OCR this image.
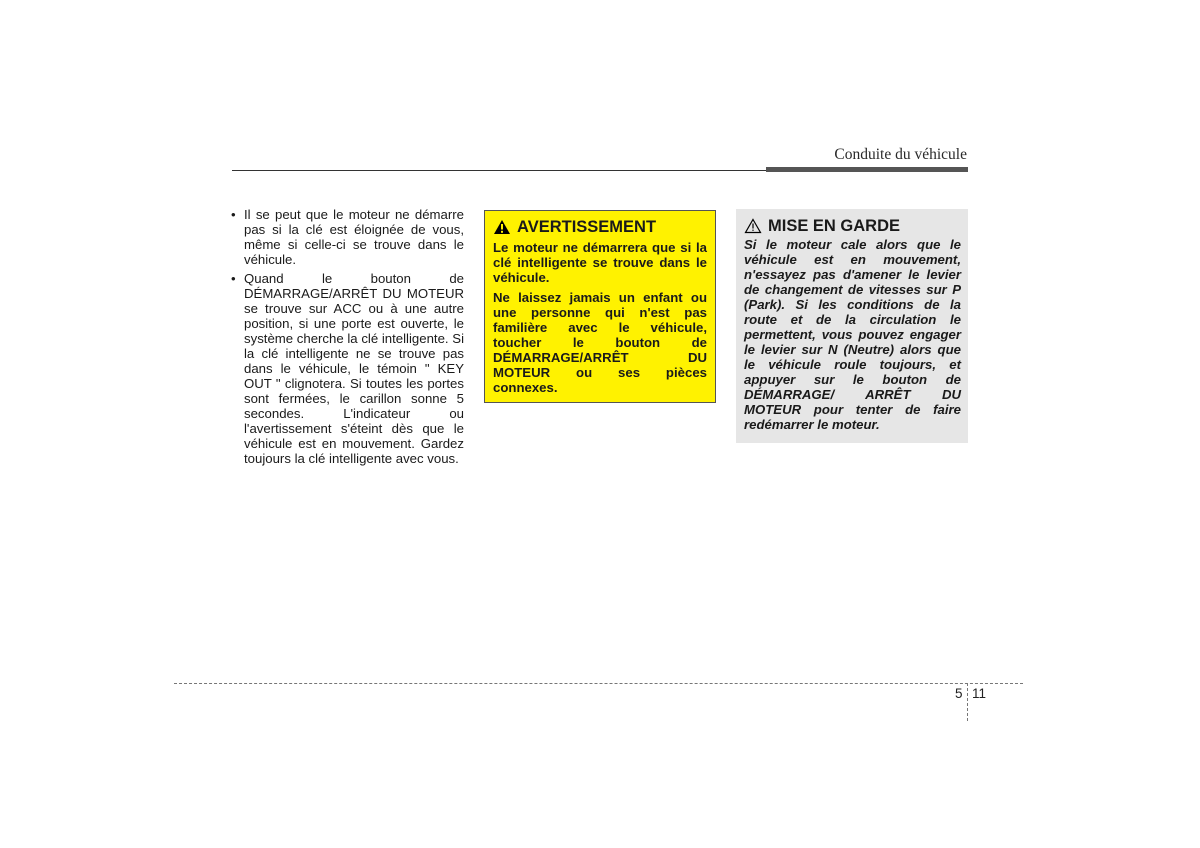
Conduite du véhicule
• Il se peut que le moteur ne démarre pas si la clé est éloignée de vous, même si celle-ci se trouve dans le véhicule.
• Quand le bouton de DÉMARRAGE/ARRÊT DU MOTEUR se trouve sur ACC ou à une autre position, si une porte est ouverte, le système cherche la clé intelligente. Si la clé intelligente ne se trouve pas dans le véhicule, le témoin " KEY OUT " clignotera. Si toutes les portes sont fermées, le carillon sonne 5 secondes. L'indicateur ou l'avertissement s'éteint dès que le véhicule est en mouvement. Gardez toujours la clé intelligente avec vous.
AVERTISSEMENT

Le moteur ne démarrera que si la clé intelligente se trouve dans le véhicule.

Ne laissez jamais un enfant ou une personne qui n'est pas familière avec le véhicule, toucher le bouton de DÉMARRAGE/ARRÊT DU MOTEUR ou ses pièces connexes.

MISE EN GARDE

Si le moteur cale alors que le véhicule est en mouvement, n'essayez pas d'amener le levier de changement de vitesses sur P (Park). Si les conditions de la route et de la circulation le permettent, vous pouvez engager le levier sur N (Neutre) alors que le véhicule roule toujours, et appuyer sur le bouton de DÉMARRAGE/ ARRÊT DU MOTEUR pour tenter de faire redémarrer le moteur.

5 11
